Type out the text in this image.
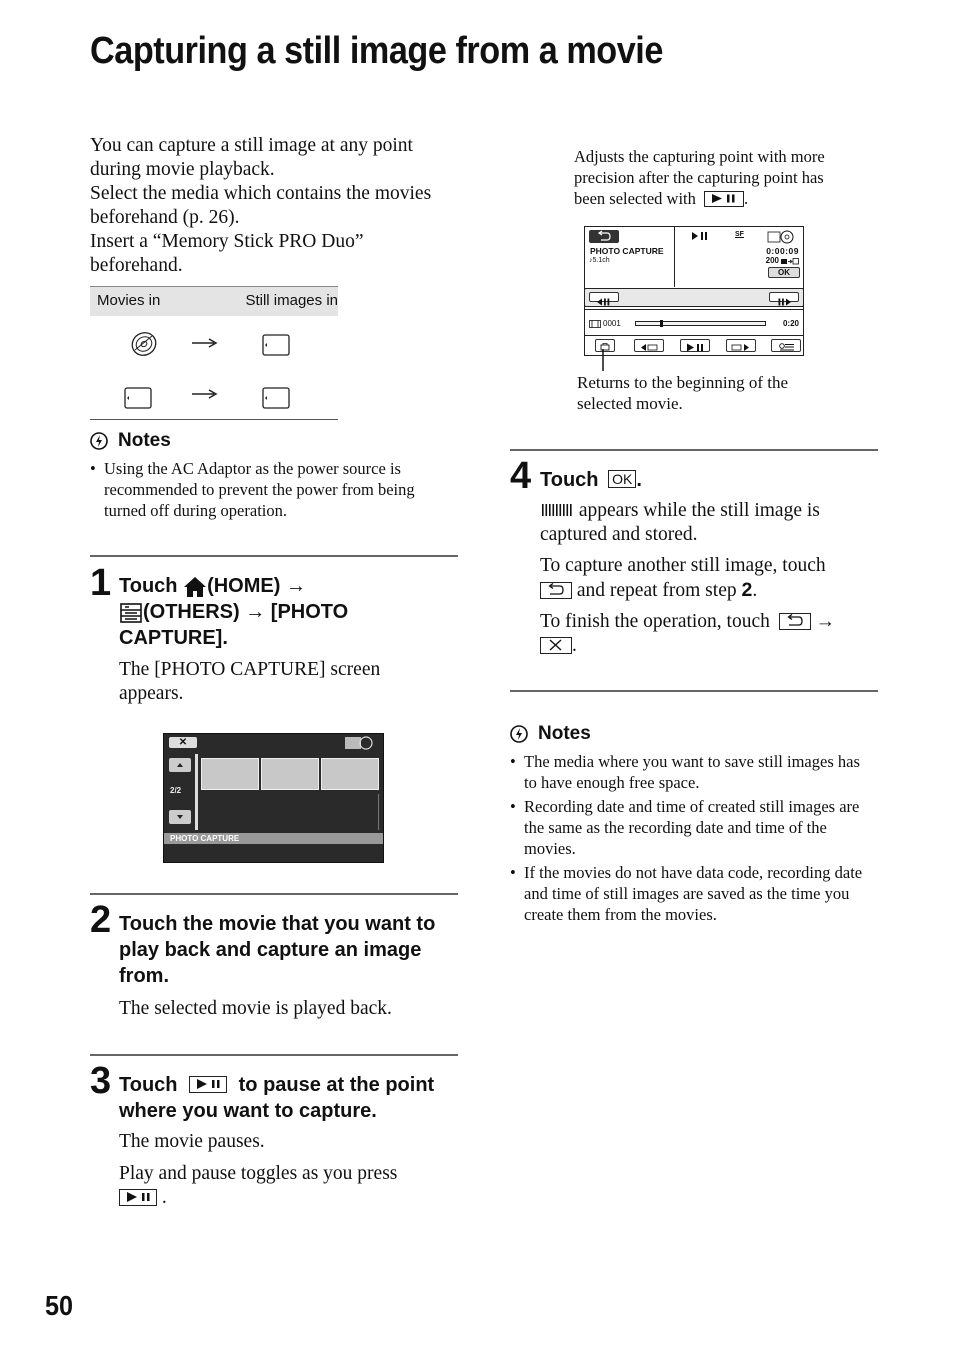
Capturing a still image from a movie
You can capture a still image at any point during movie playback.
Select the media which contains the movies beforehand (p. 26).
Insert a “Memory Stick PRO Duo” beforehand.
Movies in	Still images in
Notes
• Using the AC Adaptor as the power source is recommended to prevent the power from being turned off during operation.
1 Touch (HOME) →
(OTHERS) → [PHOTO CAPTURE].
The [PHOTO CAPTURE] screen appears.
✕
2/2
PHOTO CAPTURE
2 Touch the movie that you want to play back and capture an image from.
The selected movie is played back.
3 Touch	to pause at the point where you want to capture.
The movie pauses.
Play and pause toggles as you press

.
Adjusts the capturing point with more precision after the capturing point has been selected with	.
PHOTO CAPTURE
♪5.1ch
SF
0:00:09
200
OK
0001	0:20
Returns to the beginning of the selected movie.
4 Touch OK .
appears while the still image is captured and stored.
To capture another still image, touch

and repeat from step 2.
To finish the operation, touch →

.
Notes
• The media where you want to save still images has to have enough free space.
• Recording date and time of created still images are the same as the recording date and time of the movies.
• If the movies do not have data code, recording date and time of still images are saved as the time you create them from the movies.
50
